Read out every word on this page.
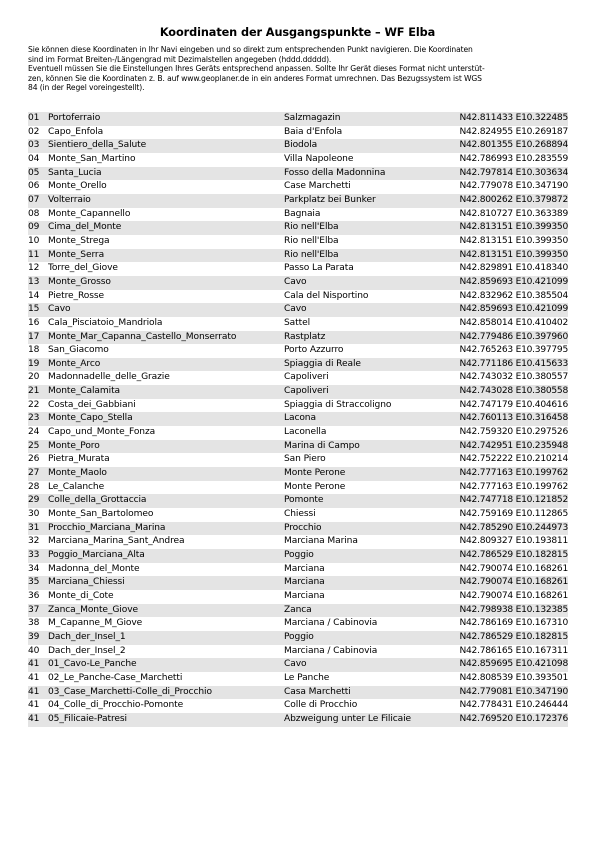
Koordinaten der Ausgangspunkte – WF Elba
Sie können diese Koordinaten in Ihr Navi eingeben und so direkt zum entsprechenden Punkt navigieren. Die Koordinaten
sind im Format Breiten-/Längengrad mit Dezimalstellen angegeben (hddd.ddddd).
Eventuell müssen Sie die Einstellungen Ihres Geräts entsprechend anpassen. Sollte Ihr Gerät dieses Format nicht unterstüt-
zen, können Sie die Koordinaten z. B. auf www.geoplaner.de in ein anderes Format umrechnen. Das Bezugssystem ist WGS
84 (in der Regel voreingestellt).
01	Portoferraio	Salzmagazin	N42.811433 E10.322485
02	Capo_Enfola	Baia d'Enfola	N42.824955 E10.269187
03	Sientiero_della_Salute	Biodola	N42.801355 E10.268894
04	Monte_San_Martino	Villa Napoleone	N42.786993 E10.283559
05	Santa_Lucia	Fosso della Madonnina	N42.797814 E10.303634
06	Monte_Orello	Case Marchetti	N42.779078 E10.347190
07	Volterraio	Parkplatz bei Bunker	N42.800262 E10.379872
08	Monte_Capannello	Bagnaia	N42.810727 E10.363389
09	Cima_del_Monte	Rio nell'Elba	N42.813151 E10.399350
10	Monte_Strega	Rio nell'Elba	N42.813151 E10.399350
11	Monte_Serra	Rio nell'Elba	N42.813151 E10.399350
12	Torre_del_Giove	Passo La Parata	N42.829891 E10.418340
13	Monte_Grosso	Cavo	N42.859693 E10.421099
14	Pietre_Rosse	Cala del Nisportino	N42.832962 E10.385504
15	Cavo	Cavo	N42.859693 E10.421099
16	Cala_Pisciatoio_Mandriola	Sattel	N42.858014 E10.410402
17	Monte_Mar_Capanna_Castello_Monserrato	Rastplatz	N42.779486 E10.397960
18	San_Giacomo	Porto Azzurro	N42.765263 E10.397795
19	Monte_Arco	Spiaggia di Reale	N42.771186 E10.415633
20	Madonnadelle_delle_Grazie	Capoliveri	N42.743032 E10.380557
21	Monte_Calamita	Capoliveri	N42.743028 E10.380558
22	Costa_dei_Gabbiani	Spiaggia di Straccoligno	N42.747179 E10.404616
23	Monte_Capo_Stella	Lacona	N42.760113 E10.316458
24	Capo_und_Monte_Fonza	Laconella	N42.759320 E10.297526
25	Monte_Poro	Marina di Campo	N42.742951 E10.235948
26	Pietra_Murata	San Piero	N42.752222 E10.210214
27	Monte_Maolo	Monte Perone	N42.777163 E10.199762
28	Le_Calanche	Monte Perone	N42.777163 E10.199762
29	Colle_della_Grottaccia	Pomonte	N42.747718 E10.121852
30	Monte_San_Bartolomeo	Chiessi	N42.759169 E10.112865
31	Procchio_Marciana_Marina	Procchio	N42.785290 E10.244973
32	Marciana_Marina_Sant_Andrea	Marciana Marina	N42.809327 E10.193811
33	Poggio_Marciana_Alta	Poggio	N42.786529 E10.182815
34	Madonna_del_Monte	Marciana	N42.790074 E10.168261
35	Marciana_Chiessi	Marciana	N42.790074 E10.168261
36	Monte_di_Cote	Marciana	N42.790074 E10.168261
37	Zanca_Monte_Giove	Zanca	N42.798938 E10.132385
38	M_Capanne_M_Giove	Marciana / Cabinovia	N42.786169 E10.167310
39	Dach_der_Insel_1	Poggio	N42.786529 E10.182815
40	Dach_der_Insel_2	Marciana / Cabinovia	N42.786165 E10.167311
41	01_Cavo-Le_Panche	Cavo	N42.859695 E10.421098
41	02_Le_Panche-Case_Marchetti	Le Panche	N42.808539 E10.393501
41	03_Case_Marchetti-Colle_di_Procchio	Casa Marchetti	N42.779081 E10.347190
41	04_Colle_di_Procchio-Pomonte	Colle di Procchio	N42.778431 E10.246444
41	05_Filicaie-Patresi	Abzweigung unter Le Filicaie	N42.769520 E10.172376
